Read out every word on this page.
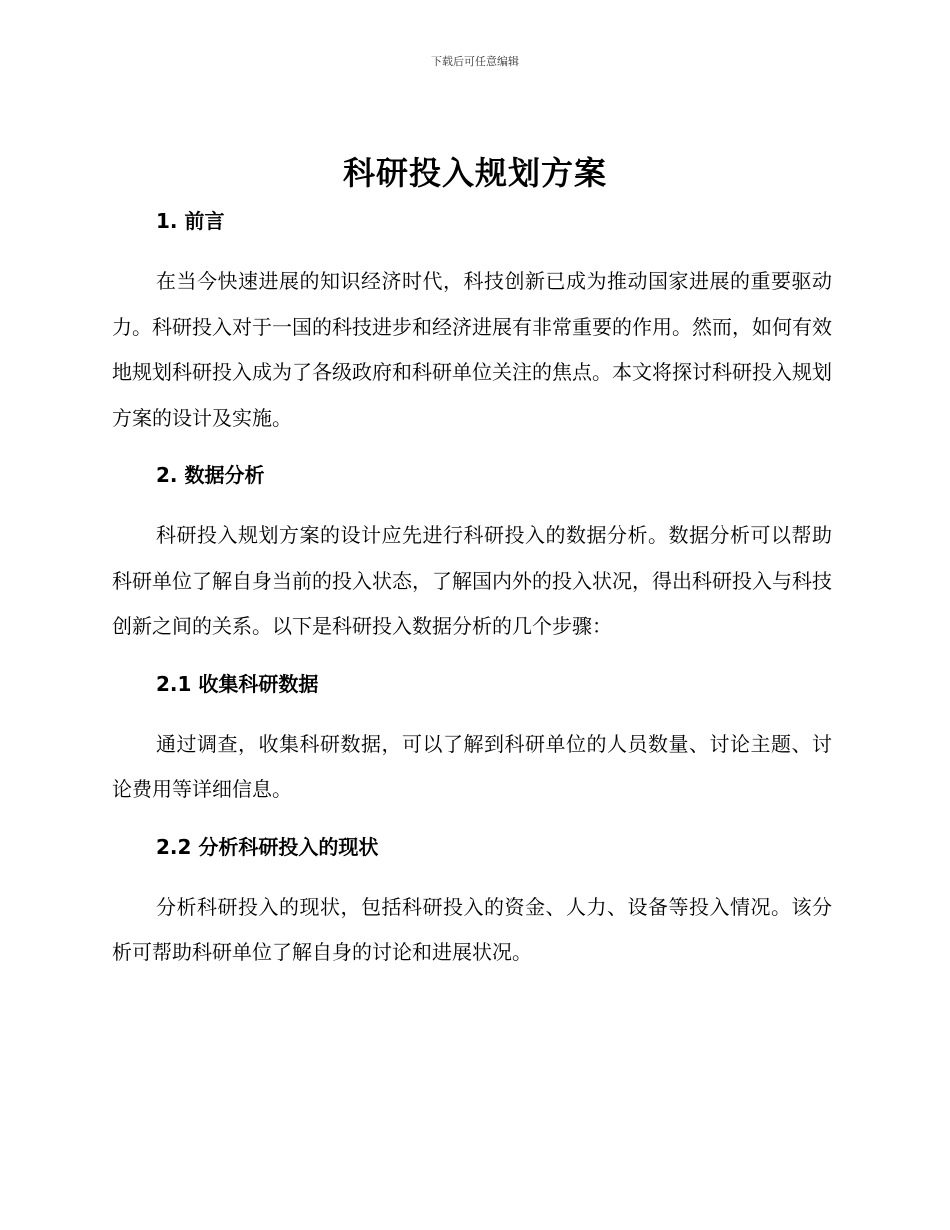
下载后可任意编辑
科研投入规划方案
1. 前言

在当今快速进展的知识经济时代，科技创新已成为推动国家进展的重要驱动力。科研投入对于一国的科技进步和经济进展有非常重要的作用。然而，如何有效地规划科研投入成为了各级政府和科研单位关注的焦点。本文将探讨科研投入规划方案的设计及实施。

2. 数据分析

科研投入规划方案的设计应先进行科研投入的数据分析。数据分析可以帮助科研单位了解自身当前的投入状态，了解国内外的投入状况，得出科研投入与科技创新之间的关系。以下是科研投入数据分析的几个步骤：

2.1 收集科研数据

通过调查，收集科研数据，可以了解到科研单位的人员数量、讨论主题、讨论费用等详细信息。

2.2 分析科研投入的现状

分析科研投入的现状，包括科研投入的资金、人力、设备等投入情况。该分析可帮助科研单位了解自身的讨论和进展状况。
